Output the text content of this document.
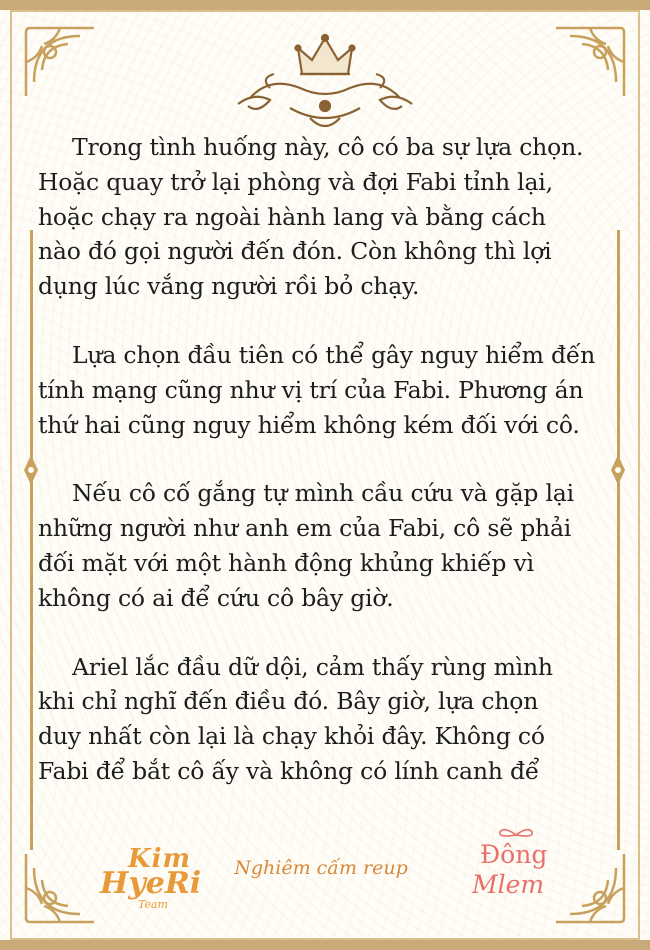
Trong tình huống này, cô có ba sự lựa chọn.
Hoặc quay trở lại phòng và đợi Fabi tỉnh lại,
hoặc chạy ra ngoài hành lang và bằng cách
nào đó gọi người đến đón. Còn không thì lợi
dụng lúc vắng người rồi bỏ chạy.

Lựa chọn đầu tiên có thể gây nguy hiểm đến
tính mạng cũng như vị trí của Fabi. Phương án
thứ hai cũng nguy hiểm không kém đối với cô.

Nếu cô cố gắng tự mình cầu cứu và gặp lại
những người như anh em của Fabi, cô sẽ phải
đối mặt với một hành động khủng khiếp vì
không có ai để cứu cô bây giờ.

Ariel lắc đầu dữ dội, cảm thấy rùng mình
khi chỉ nghĩ đến điều đó. Bây giờ, lựa chọn
duy nhất còn lại là chạy khỏi đây. Không có
Fabi để bắt cô ấy và không có lính canh để

Kim
HyeRi
Team
Nghiêm cấm reup	Đông
Mlem
